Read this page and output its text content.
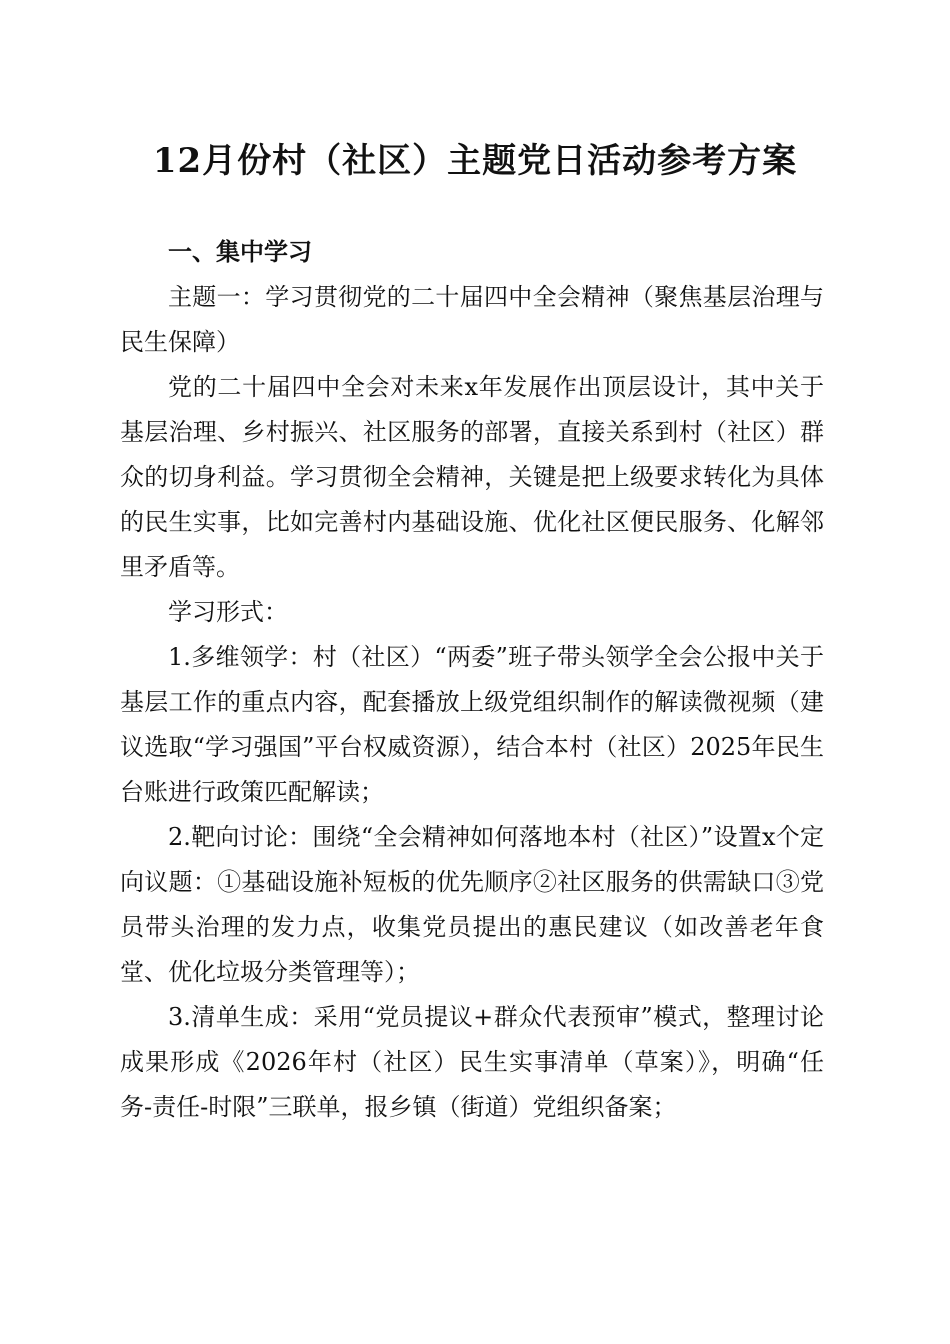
12月份村（社区）主题党日活动参考方案

一、集中学习

主题一：学习贯彻党的二十届四中全会精神（聚焦基层治理与民生保障）

党的二十届四中全会对未来x年发展作出顶层设计，其中关于基层治理、乡村振兴、社区服务的部署，直接关系到村（社区）群众的切身利益。学习贯彻全会精神，关键是把上级要求转化为具体的民生实事，比如完善村内基础设施、优化社区便民服务、化解邻里矛盾等。

学习形式：

1.多维领学：村（社区）“两委”班子带头领学全会公报中关于基层工作的重点内容，配套播放上级党组织制作的解读微视频（建议选取“学习强国”平台权威资源），结合本村（社区）2025年民生台账进行政策匹配解读；

2.靶向讨论：围绕“全会精神如何落地本村（社区）”设置x个定向议题：①基础设施补短板的优先顺序②社区服务的供需缺口③党员带头治理的发力点，收集党员提出的惠民建议（如改善老年食堂、优化垃圾分类管理等）；

3.清单生成：采用“党员提议+群众代表预审”模式，整理讨论成果形成《2026年村（社区）民生实事清单（草案）》，明确“任务-责任-时限”三联单，报乡镇（街道）党组织备案；
